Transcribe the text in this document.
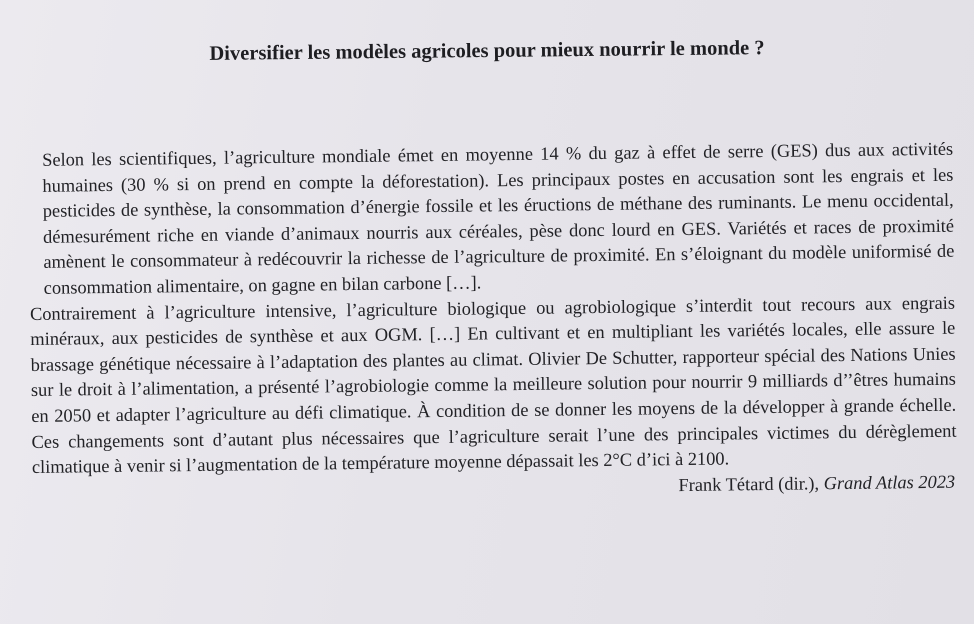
Diversifier les modèles agricoles pour mieux nourrir le monde ?

Selon les scientifiques, l’agriculture mondiale émet en moyenne 14 % du gaz à effet de serre (GES) dus aux activités humaines (30 % si on prend en compte la déforestation). Les principaux postes en accusation sont les engrais et les pesticides de synthèse, la consommation d’énergie fossile et les éructions de méthane des ruminants. Le menu occidental, démesurément riche en viande d’animaux nourris aux céréales, pèse donc lourd en GES. Variétés et races de proximité amènent le consommateur à redécouvrir la richesse de l’agriculture de proximité. En s’éloignant du modèle uniformisé de consommation alimentaire, on gagne en bilan carbone […].

Contrairement à l’agriculture intensive, l’agriculture biologique ou agrobiologique s’interdit tout recours aux engrais minéraux, aux pesticides de synthèse et aux OGM. […] En cultivant et en multipliant les variétés locales, elle assure le brassage génétique nécessaire à l’adaptation des plantes au climat. Olivier De Schutter, rapporteur spécial des Nations Unies sur le droit à l’alimentation, a présenté l’agrobiologie comme la meilleure solution pour nourrir 9 milliards d’’êtres humains en 2050 et adapter l’agriculture au défi climatique. À condition de se donner les moyens de la développer à grande échelle. Ces changements sont d’autant plus nécessaires que l’agriculture serait l’une des principales victimes du dérèglement climatique à venir si l’augmentation de la température moyenne dépassait les 2°C d’ici à 2100.

Frank Tétard (dir.), Grand Atlas 2023
